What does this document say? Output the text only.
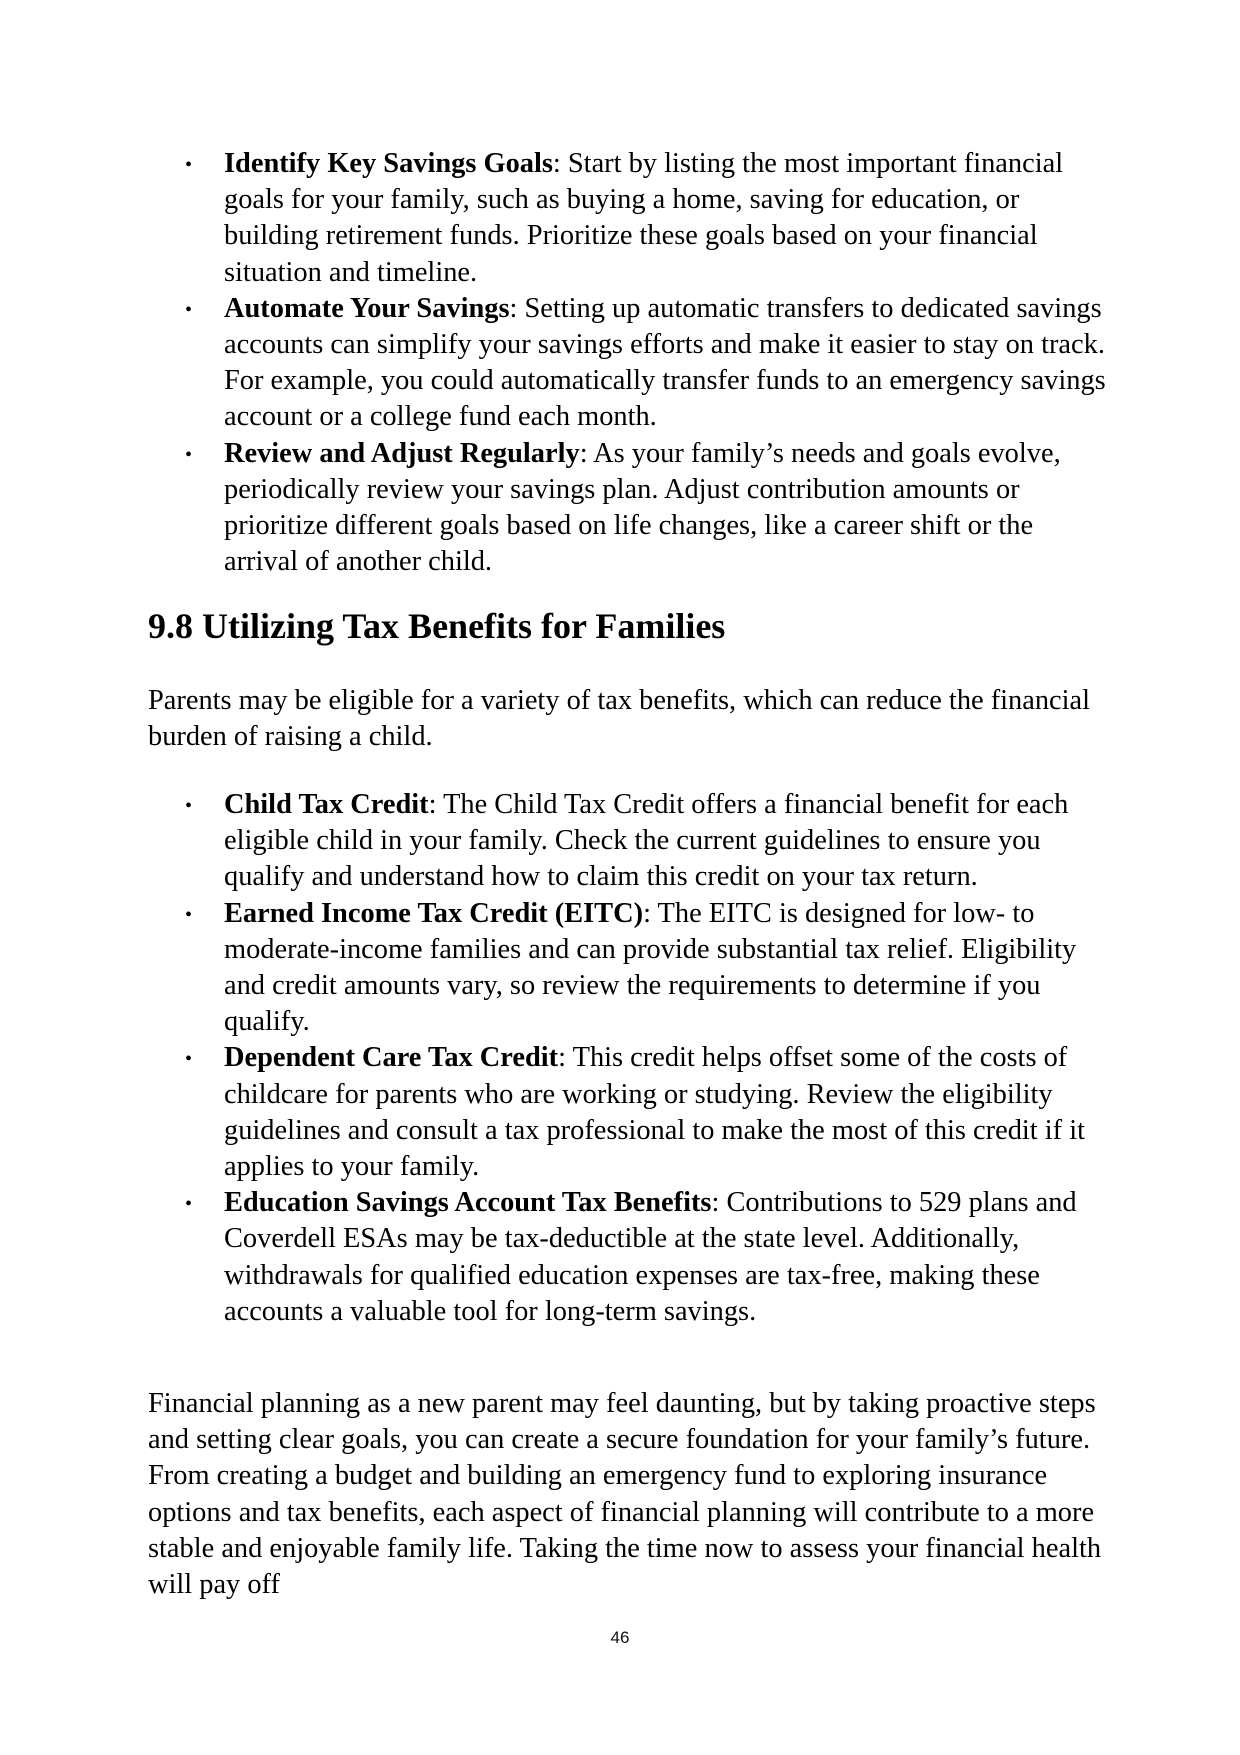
• Identify Key Savings Goals: Start by listing the most important financial goals for your family, such as buying a home, saving for education, or building retirement funds. Prioritize these goals based on your financial situation and timeline.
• Automate Your Savings: Setting up automatic transfers to dedicated savings accounts can simplify your savings efforts and make it easier to stay on track. For example, you could automatically transfer funds to an emergency savings account or a college fund each month.
• Review and Adjust Regularly: As your family’s needs and goals evolve, periodically review your savings plan. Adjust contribution amounts or prioritize different goals based on life changes, like a career shift or the arrival of another child.
9.8 Utilizing Tax Benefits for Families

Parents may be eligible for a variety of tax benefits, which can reduce the financial burden of raising a child.

• Child Tax Credit: The Child Tax Credit offers a financial benefit for each eligible child in your family. Check the current guidelines to ensure you qualify and understand how to claim this credit on your tax return.
• Earned Income Tax Credit (EITC): The EITC is designed for low- to moderate-income families and can provide substantial tax relief. Eligibility and credit amounts vary, so review the requirements to determine if you qualify.
• Dependent Care Tax Credit: This credit helps offset some of the costs of childcare for parents who are working or studying. Review the eligibility guidelines and consult a tax professional to make the most of this credit if it applies to your family.
• Education Savings Account Tax Benefits: Contributions to 529 plans and Coverdell ESAs may be tax-deductible at the state level. Additionally, withdrawals for qualified education expenses are tax-free, making these accounts a valuable tool for long-term savings.

Financial planning as a new parent may feel daunting, but by taking proactive steps and setting clear goals, you can create a secure foundation for your family’s future. From creating a budget and building an emergency fund to exploring insurance options and tax benefits, each aspect of financial planning will contribute to a more stable and enjoyable family life. Taking the time now to assess your financial health will pay off

46
